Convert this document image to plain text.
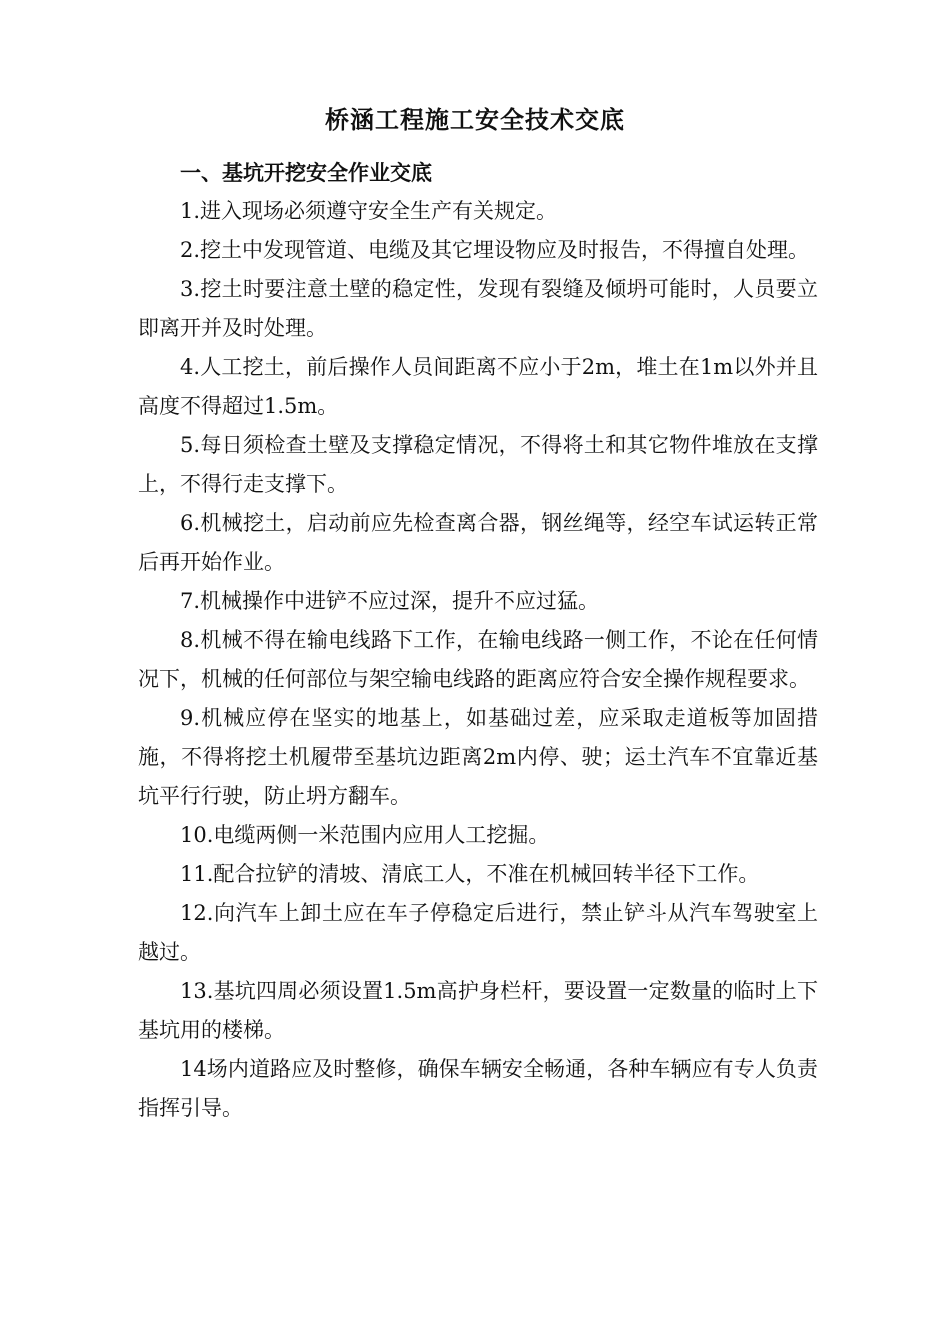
桥涵工程施工安全技术交底

一、基坑开挖安全作业交底

1.进入现场必须遵守安全生产有关规定。

2.挖土中发现管道、电缆及其它埋设物应及时报告，不得擅自处理。

3.挖土时要注意土壁的稳定性，发现有裂缝及倾坍可能时，人员要立即离开并及时处理。

4.人工挖土，前后操作人员间距离不应小于2m，堆土在1m以外并且高度不得超过1.5m。

5.每日须检查土壁及支撑稳定情况，不得将土和其它物件堆放在支撑上，不得行走支撑下。

6.机械挖土，启动前应先检查离合器，钢丝绳等，经空车试运转正常后再开始作业。

7.机械操作中进铲不应过深，提升不应过猛。

8.机械不得在输电线路下工作，在输电线路一侧工作，不论在任何情况下，机械的任何部位与架空输电线路的距离应符合安全操作规程要求。

9.机械应停在坚实的地基上，如基础过差，应采取走道板等加固措施，不得将挖土机履带至基坑边距离2m内停、驶；运土汽车不宜靠近基坑平行行驶，防止坍方翻车。

10.电缆两侧一米范围内应用人工挖掘。

11.配合拉铲的清坡、清底工人，不准在机械回转半径下工作。

12.向汽车上卸土应在车子停稳定后进行，禁止铲斗从汽车驾驶室上越过。

13.基坑四周必须设置1.5m高护身栏杆，要设置一定数量的临时上下基坑用的楼梯。

14场内道路应及时整修，确保车辆安全畅通，各种车辆应有专人负责指挥引导。
